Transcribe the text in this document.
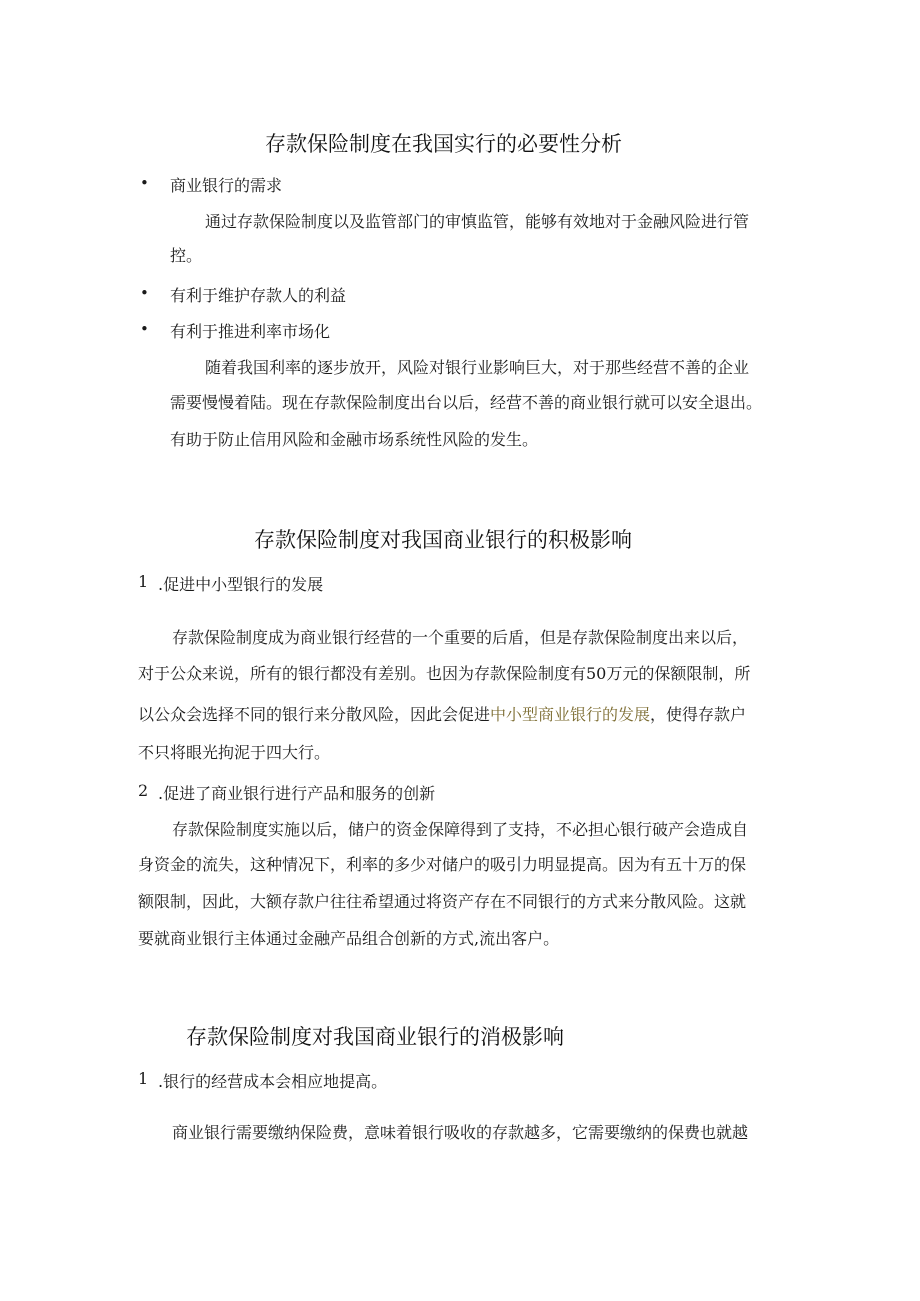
存款保险制度在我国实行的必要性分析
• 商业银行的需求
通过存款保险制度以及监管部门的审慎监管，能够有效地对于金融风险进行管
控。
• 有利于维护存款人的利益
• 有利于推进利率市场化
随着我国利率的逐步放开，风险对银行业影响巨大，对于那些经营不善的企业
需要慢慢着陆。现在存款保险制度出台以后，经营不善的商业银行就可以安全退出。
有助于防止信用风险和金融市场系统性风险的发生。
存款保险制度对我国商业银行的积极影响
1 .促进中小型银行的发展
存款保险制度成为商业银行经营的一个重要的后盾，但是存款保险制度出来以后，
对于公众来说，所有的银行都没有差别。也因为存款保险制度有50万元的保额限制，所
以公众会选择不同的银行来分散风险，因此会促进中小型商业银行的发展，使得存款户
不只将眼光拘泥于四大行。
2 .促进了商业银行进行产品和服务的创新
存款保险制度实施以后，储户的资金保障得到了支持，不必担心银行破产会造成自
身资金的流失，这种情况下，利率的多少对储户的吸引力明显提高。因为有五十万的保
额限制，因此，大额存款户往往希望通过将资产存在不同银行的方式来分散风险。这就
要就商业银行主体通过金融产品组合创新的方式,流出客户。
存款保险制度对我国商业银行的消极影响
1 .银行的经营成本会相应地提高。
商业银行需要缴纳保险费，意味着银行吸收的存款越多，它需要缴纳的保费也就越
